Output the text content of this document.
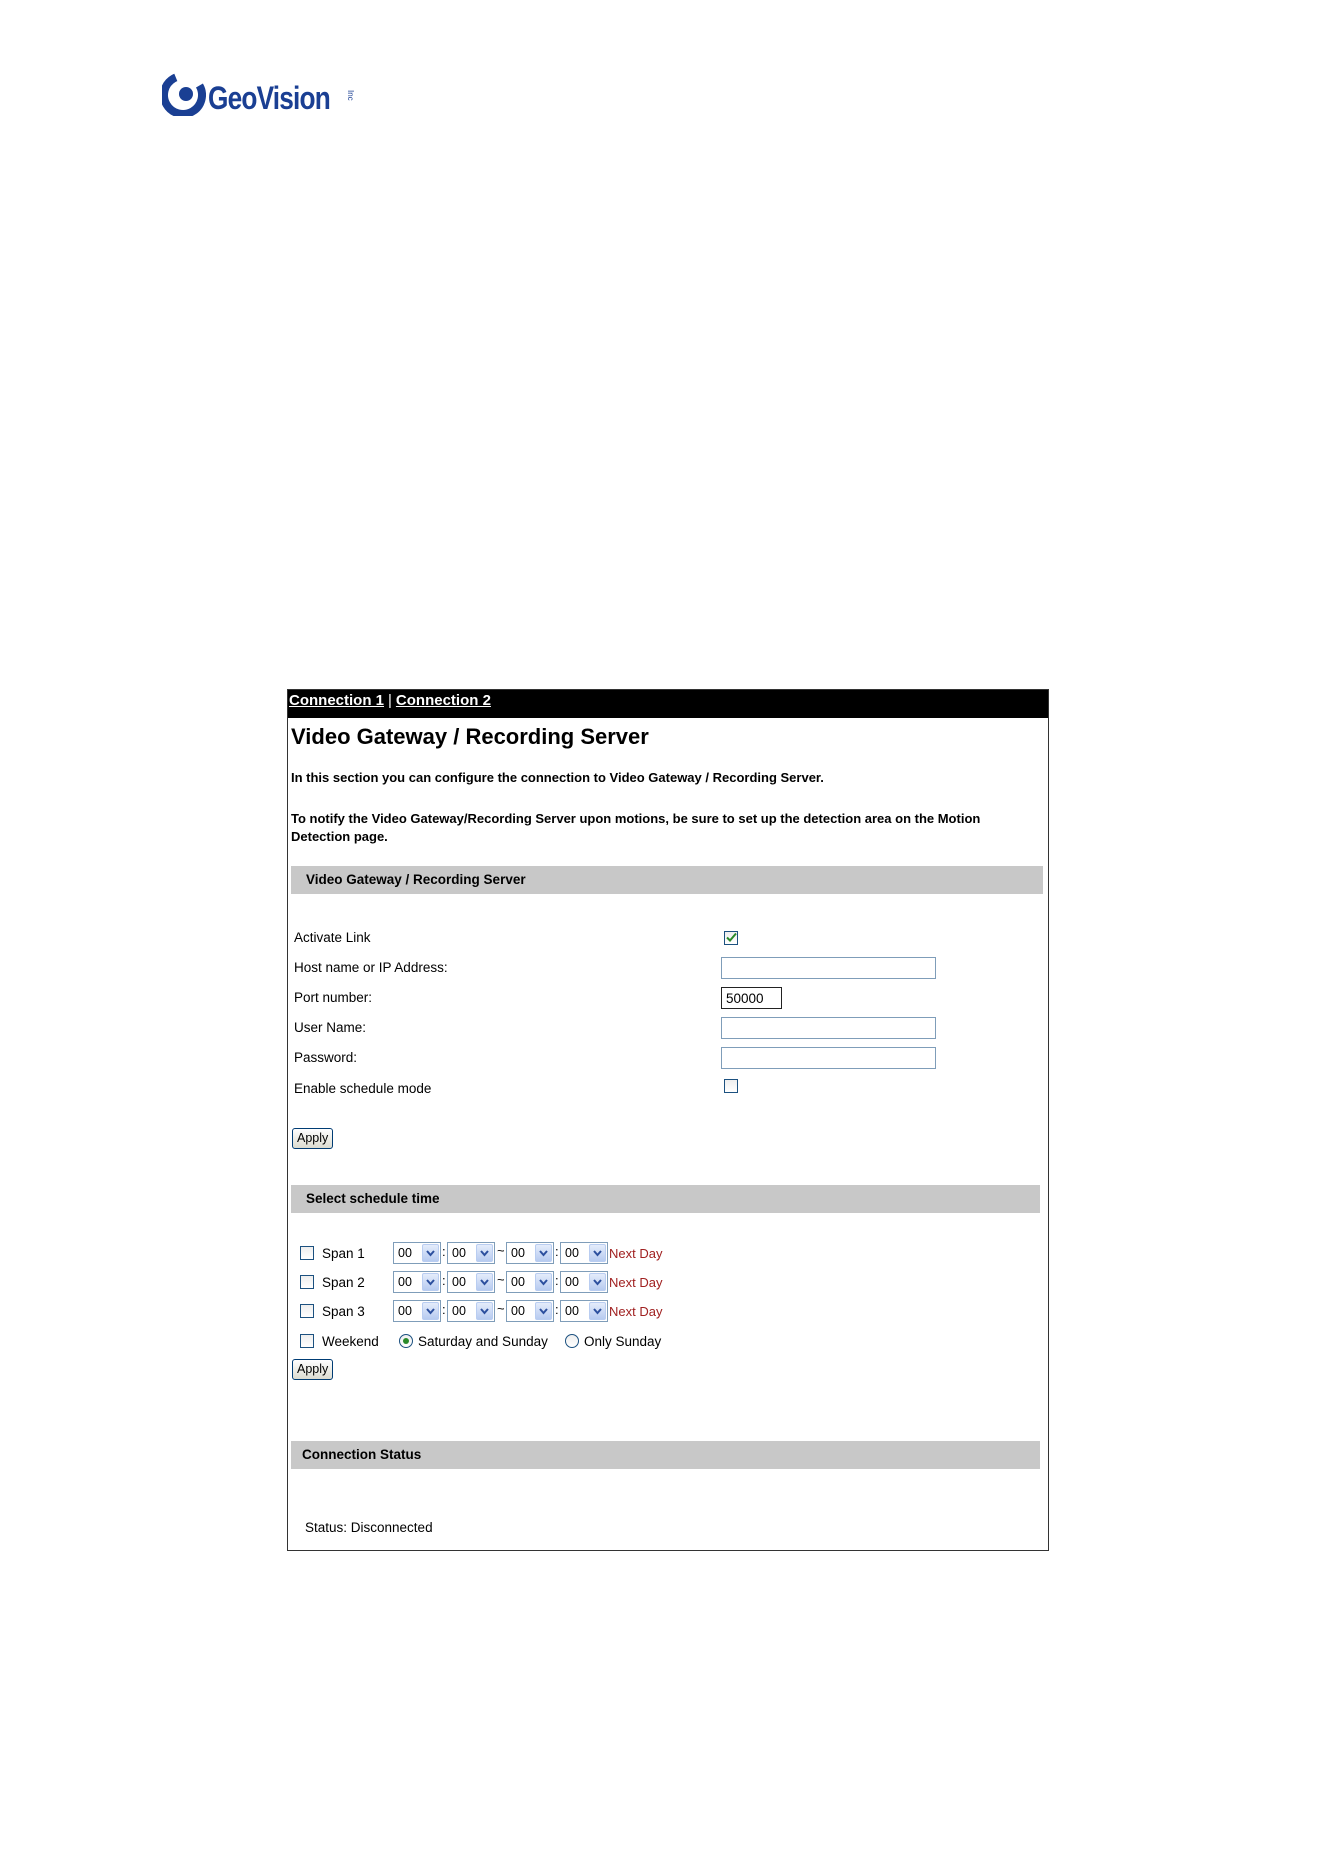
GeoVision Inc
Connection 1 | Connection 2
Video Gateway / Recording Server
In this section you can configure the connection to Video Gateway / Recording Server.
To notify the Video Gateway/Recording Server upon motions, be sure to set up the detection area on the Motion Detection page.
Video Gateway / Recording Server
Activate Link
Host name or IP Address:
Port number:
50000
User Name:
Password:
Enable schedule mode
Apply
Select schedule time
Span 1	00 : 00 ~ 00 : 00 Next Day
Span 2	00 : 00 ~ 00 : 00 Next Day
Span 3	00 : 00 ~ 00 : 00 Next Day
Weekend	Saturday and Sunday	Only Sunday
Apply
Connection Status
Status: Disconnected
